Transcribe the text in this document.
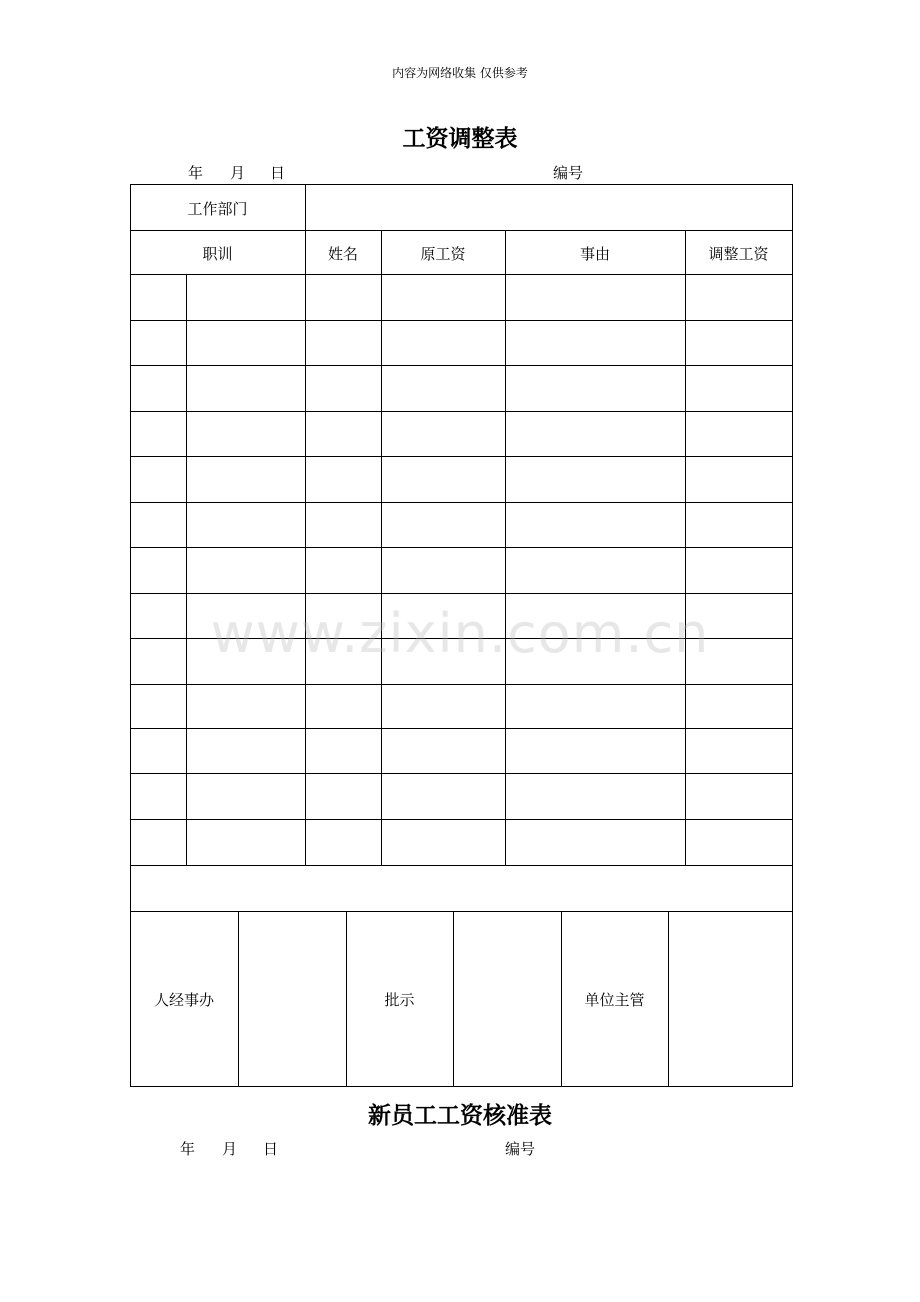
内容为网络收集 仅供参考
工资调整表
年 月 日	编号
工作部门
职训	姓名	原工资	事由	调整工资
人经事办	批示	单位主管
www.zixin.com.cn
新员工工资核准表
年 月 日	编号
